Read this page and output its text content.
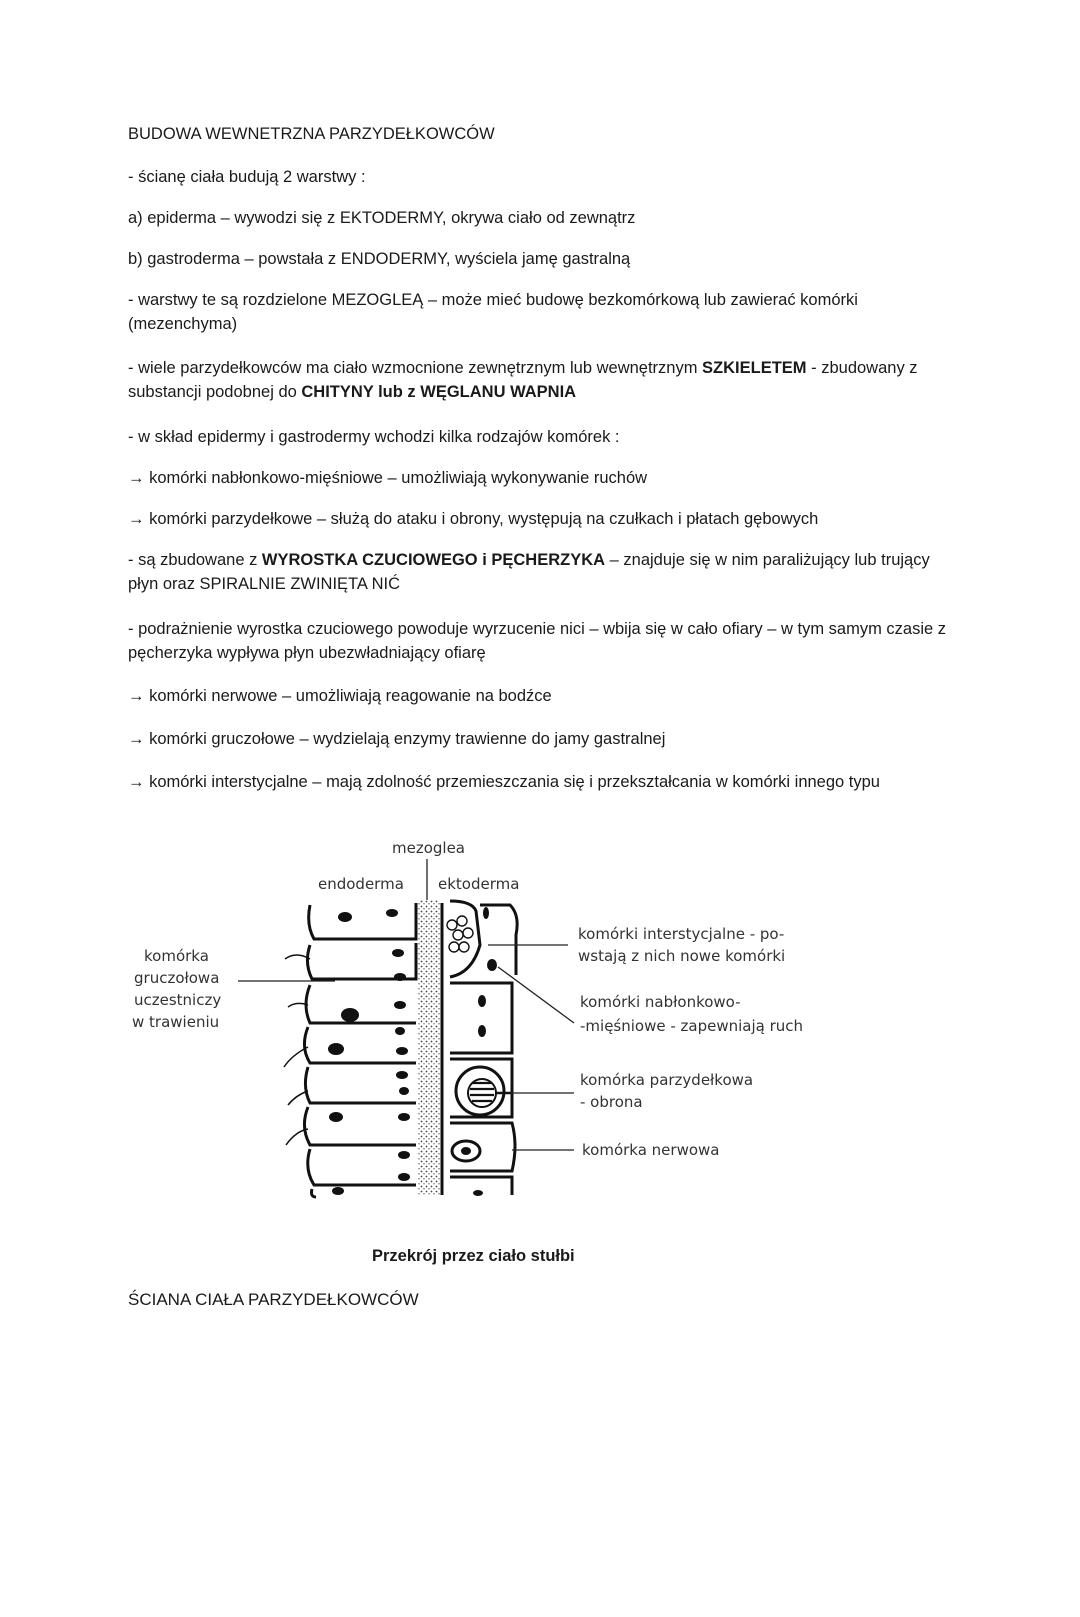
BUDOWA WEWNETRZNA PARZYDEŁKOWCÓW
- ścianę ciała budują 2 warstwy :
a) epiderma – wywodzi się z EKTODERMY, okrywa ciało od zewnątrz
b) gastroderma – powstała z ENDODERMY, wyściela jamę gastralną
- warstwy te są rozdzielone MEZOGLEĄ – może mieć budowę bezkomórkową lub zawierać komórki (mezenchyma)
- wiele parzydełkowców ma ciało wzmocnione zewnętrznym lub wewnętrznym SZKIELETEM - zbudowany z substancji podobnej do CHITYNY lub z WĘGLANU WAPNIA
- w skład epidermy i gastrodermy wchodzi kilka rodzajów komórek :
→ komórki nabłonkowo-mięśniowe – umożliwiają wykonywanie ruchów
→ komórki parzydełkowe – służą do ataku i obrony, występują na czułkach i płatach gębowych
- są zbudowane z WYROSTKA CZUCIOWEGO i PĘCHERZYKA – znajduje się w nim paraliżujący lub trujący płyn oraz SPIRALNIE ZWINIĘTA NIĆ
- podrażnienie wyrostka czuciowego powoduje wyrzucenie nici – wbija się w cało ofiary – w tym samym czasie z pęcherzyka wypływa płyn ubezwładniający ofiarę
→ komórki nerwowe – umożliwiają reagowanie na bodźce
→ komórki gruczołowe – wydzielają enzymy trawienne do jamy gastralnej
→ komórki interstycjalne – mają zdolność przemieszczania się i przekształcania w komórki innego typu
mezoglea
endoderma ektoderma
komórka
gruczołowa
uczestniczy
w trawieniu
komórki interstycjalne - po-
wstają z nich nowe komórki
komórki nabłonkowo-
-mięśniowe - zapewniają ruch
komórka parzydełkowa
- obrona
komórka nerwowa
Przekrój przez ciało stułbi
ŚCIANA CIAŁA PARZYDEŁKOWCÓW
